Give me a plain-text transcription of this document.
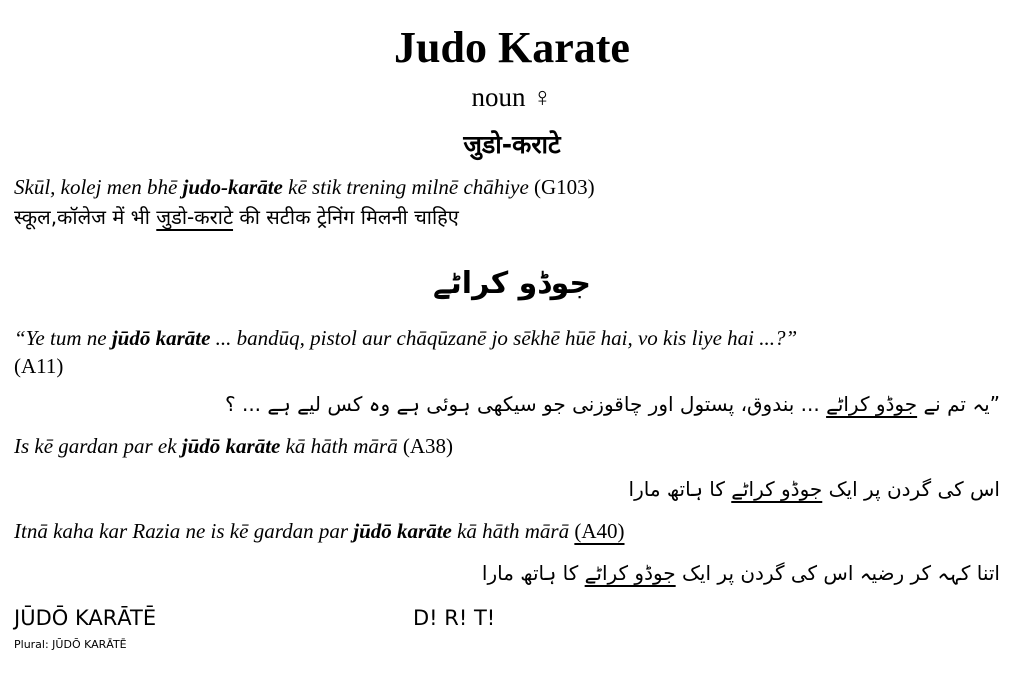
Judo Karate
noun ♀
जुडो-कराटे
Skūl, kolej men bhē judo-karāte kē stik trening milnē chāhiye (G103)
स्कूल,कॉलेज में भी जुडो-कराटे की सटीक ट्रेनिंग मिलनी चाहिए
جوڈو کراٹے
“Ye tum ne jūdō karāte ... bandūq, pistol aur chāqūzanē jo sēkhē hūē hai, vo kis liye hai ...?”
(A11)
”یہ تم نے جوڈو کراٹے ... بندوق، پستول اور چاقوزنی جو سیکھی ہوئی ہے وہ کس لیے ہے ... ؟
Is kē gardan par ek jūdō karāte kā hāth mārā (A38)
اس کی گردن پر ایک جوڈو کراٹے کا ہاتھ مارا
Itnā kaha kar Razia ne is kē gardan par jūdō karāte kā hāth mārā (A40)
اتنا کہہ کر رضیہ اس کی گردن پر ایک جوڈو کراٹے کا ہاتھ مارا
JŪDŌ KARĀTĒ
Plural: JŪDŌ KARĀTĒ
D! R! T!
